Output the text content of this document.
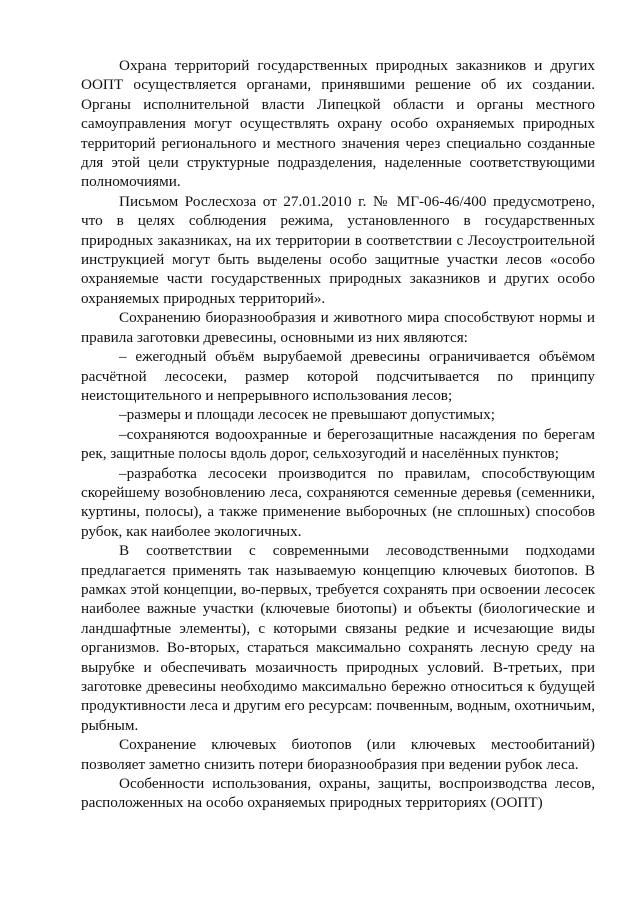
Охрана территорий государственных природных заказников и других ООПТ осуществляется органами, принявшими решение об их создании. Органы исполнительной власти Липецкой области и органы местного самоуправления могут осуществлять охрану особо охраняемых природных территорий регионального и местного значения через специально созданные для этой цели структурные подразделения, наделенные соответствующими полномочиями.

Письмом Рослесхоза от 27.01.2010 г. № МГ-06-46/400 предусмотрено, что в целях соблюдения режима, установленного в государственных природных заказниках, на их территории в соответствии с Лесоустроительной инструкцией могут быть выделены особо защитные участки лесов «особо охраняемые части государственных природных заказников и других особо охраняемых природных территорий».

Сохранению биоразнообразия и животного мира способствуют нормы и правила заготовки древесины, основными из них являются:

– ежегодный объём вырубаемой древесины ограничивается объёмом расчётной лесосеки, размер которой подсчитывается по принципу неистощительного и непрерывного использования лесов;

–размеры и площади лесосек не превышают допустимых;

–сохраняются водоохранные и берегозащитные насаждения по берегам рек, защитные полосы вдоль дорог, сельхозугодий и населённых пунктов;

–разработка лесосеки производится по правилам, способствующим скорейшему возобновлению леса, сохраняются семенные деревья (семенники, куртины, полосы), а также применение выборочных (не сплошных) способов рубок, как наиболее экологичных.

В соответствии с современными лесоводственными подходами предлагается применять так называемую концепцию ключевых биотопов. В рамках этой концепции, во-первых, требуется сохранять при освоении лесосек наиболее важные участки (ключевые биотопы) и объекты (биологические и ландшафтные элементы), с которыми связаны редкие и исчезающие виды организмов. Во-вторых, стараться максимально сохранять лесную среду на вырубке и обеспечивать мозаичность природных условий. В-третьих, при заготовке древесины необходимо максимально бережно относиться к будущей продуктивности леса и другим его ресурсам: почвенным, водным, охотничьим, рыбным.

Сохранение ключевых биотопов (или ключевых местообитаний) позволяет заметно снизить потери биоразнообразия при ведении рубок леса.

Особенности использования, охраны, защиты, воспроизводства лесов, расположенных на особо охраняемых природных территориях (ООПТ)
